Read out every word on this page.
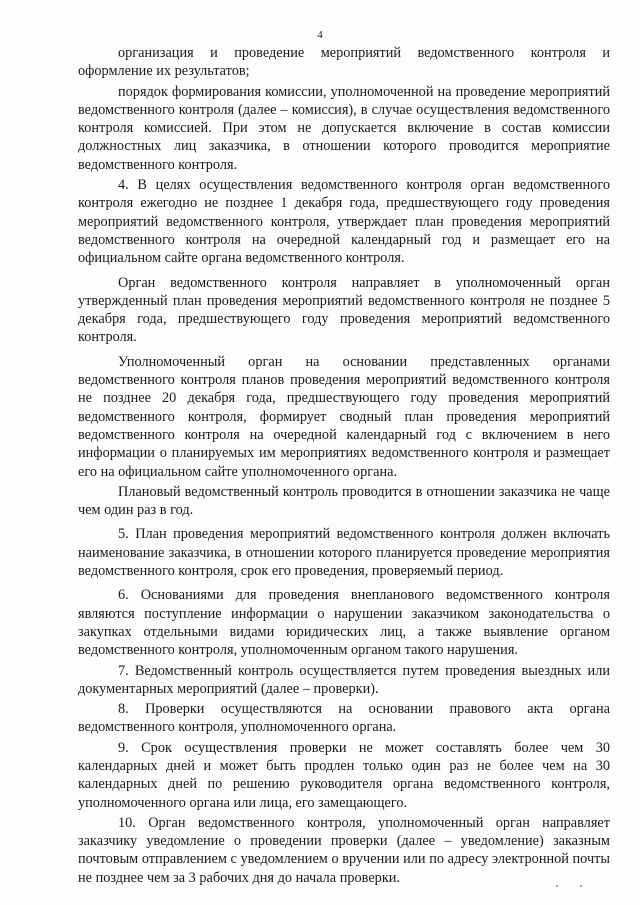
4

организация и проведение мероприятий ведомственного контроля и оформление их результатов;

порядок формирования комиссии, уполномоченной на проведение мероприятий ведомственного контроля (далее – комиссия), в случае осуществления ведомственного контроля комиссией. При этом не допускается включение в состав комиссии должностных лиц заказчика, в отношении которого проводится мероприятие ведомственного контроля.

4. В целях осуществления ведомственного контроля орган ведомственного контроля ежегодно не позднее 1 декабря года, предшествующего году проведения мероприятий ведомственного контроля, утверждает план проведения мероприятий ведомственного контроля на очередной календарный год и размещает его на официальном сайте органа ведомственного контроля.

Орган ведомственного контроля направляет в уполномоченный орган утвержденный план проведения мероприятий ведомственного контроля не позднее 5 декабря года, предшествующего году проведения мероприятий ведомственного контроля.

Уполномоченный орган на основании представленных органами ведомственного контроля планов проведения мероприятий ведомственного контроля не позднее 20 декабря года, предшествующего году проведения мероприятий ведомственного контроля, формирует сводный план проведения мероприятий ведомственного контроля на очередной календарный год с включением в него информации о планируемых им мероприятиях ведомственного контроля и размещает его на официальном сайте уполномоченного органа.

Плановый ведомственный контроль проводится в отношении заказчика не чаще чем один раз в год.

5. План проведения мероприятий ведомственного контроля должен включать наименование заказчика, в отношении которого планируется проведение мероприятия ведомственного контроля, срок его проведения, проверяемый период.

6. Основаниями для проведения внепланового ведомственного контроля являются поступление информации о нарушении заказчиком законодательства о закупках отдельными видами юридических лиц, а также выявление органом ведомственного контроля, уполномоченным органом такого нарушения.

7. Ведомственный контроль осуществляется путем проведения выездных или документарных мероприятий (далее – проверки).

8. Проверки осуществляются на основании правового акта органа ведомственного контроля, уполномоченного органа.

9. Срок осуществления проверки не может составлять более чем 30 календарных дней и может быть продлен только один раз не более чем на 30 календарных дней по решению руководителя органа ведомственного контроля, уполномоченного органа или лица, его замещающего.

10. Орган ведомственного контроля, уполномоченный орган направляет заказчику уведомление о проведении проверки (далее – уведомление) заказным почтовым отправлением с уведомлением о вручении или по адресу электронной почты не позднее чем за 3 рабочих дня до начала проверки.
